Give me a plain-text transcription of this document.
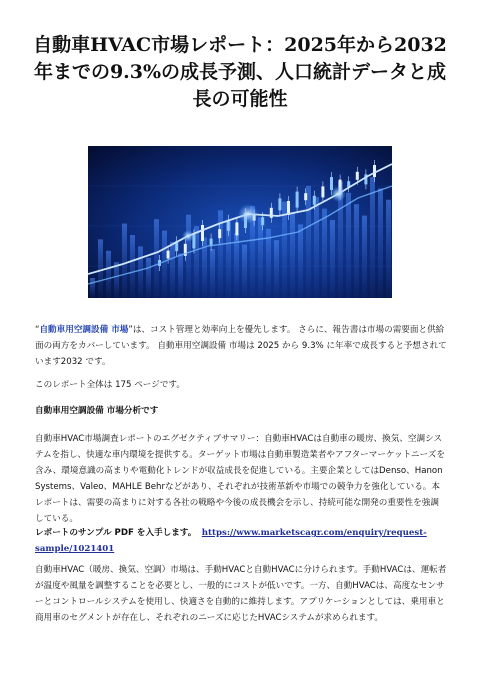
自動車HVAC市場レポート：2025年から2032年までの9.3%の成長予測、人口統計データと成長の可能性

“自動車用空調設備 市場”は、コスト管理と効率向上を優先します。 さらに、報告書は市場の需要面と供給面の両方をカバーしています。 自動車用空調設備 市場は 2025 から 9.3% に年率で成長すると予想されています2032 です。

このレポート全体は 175 ページです。

自動車用空調設備 市場分析です

自動車HVAC市場調査レポートのエグゼクティブサマリー：自動車HVACは自動車の暖房、換気、空調システムを指し、快適な車内環境を提供する。ターゲット市場は自動車製造業者やアフターマーケットニーズを含み、環境意識の高まりや電動化トレンドが収益成長を促進している。主要企業としてはDenso、Hanon Systems、Valeo、MAHLE Behrなどがあり、それぞれが技術革新や市場での競争力を強化している。本レポートは、需要の高まりに対する各社の戦略や今後の成長機会を示し、持続可能な開発の重要性を強調している。

レポートのサンプル PDF を入手します。 https://www.marketscagr.com/enquiry/request-sample/1021401

自動車HVAC（暖房、換気、空調）市場は、手動HVACと自動HVACに分けられます。手動HVACは、運転者が温度や風量を調整することを必要とし、一般的にコストが低いです。一方、自動HVACは、高度なセンサーとコントロールシステムを使用し、快適さを自動的に維持します。アプリケーションとしては、乗用車と商用車のセグメントが存在し、それぞれのニーズに応じたHVACシステムが求められます。
